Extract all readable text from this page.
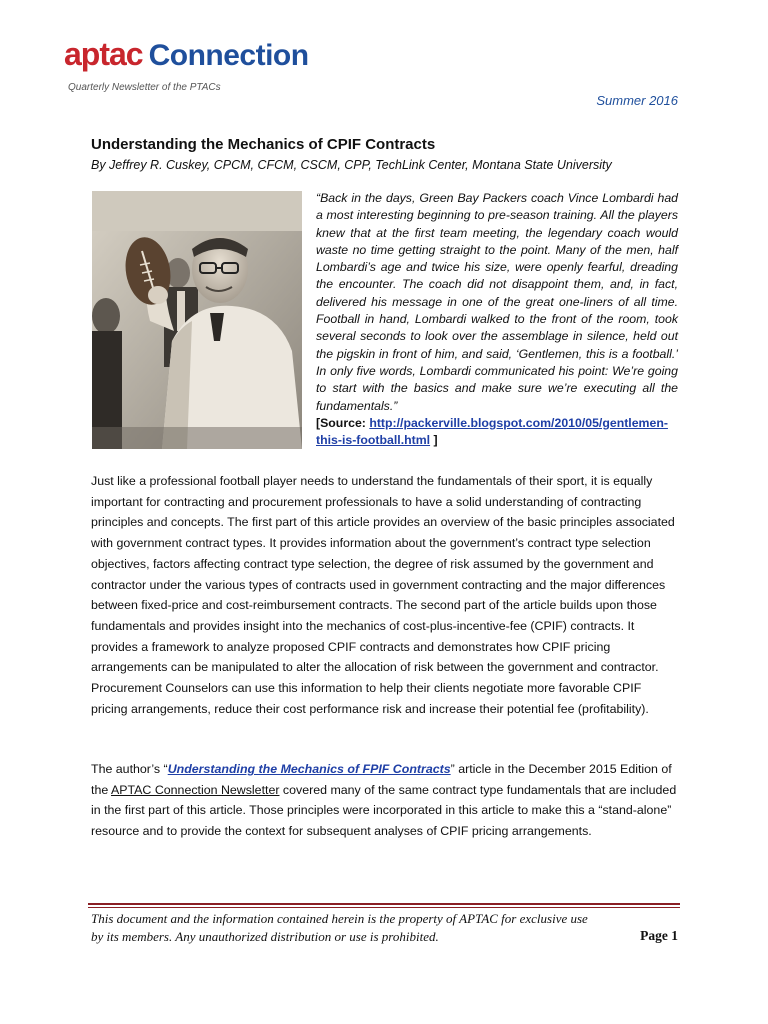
aptac Connection
Quarterly Newsletter of the PTACs
Summer 2016
Understanding the Mechanics of CPIF Contracts
By Jeffrey R. Cuskey, CPCM, CFCM, CSCM, CPP, TechLink Center, Montana State University
“Back in the days, Green Bay Packers coach Vince Lombardi had a most interesting beginning to pre-season training. All the players knew that at the first team meeting, the legendary coach would waste no time getting straight to the point. Many of the men, half Lombardi’s age and twice his size, were openly fearful, dreading the encounter. The coach did not disappoint them, and, in fact, delivered his message in one of the great one-liners of all time. Football in hand, Lombardi walked to the front of the room, took several seconds to look over the assemblage in silence, held out the pigskin in front of him, and said, ‘Gentlemen, this is a football.’ In only five words, Lombardi communicated his point: We’re going to start with the basics and make sure we’re executing all the fundamentals.”
[Source: http://packerville.blogspot.com/2010/05/gentlemen-this-is-football.html ]
Just like a professional football player needs to understand the fundamentals of their sport, it is equally important for contracting and procurement professionals to have a solid understanding of contracting principles and concepts. The first part of this article provides an overview of the basic principles associated with government contract types. It provides information about the government’s contract type selection objectives, factors affecting contract type selection, the degree of risk assumed by the government and contractor under the various types of contracts used in government contracting and the major differences between fixed-price and cost-reimbursement contracts. The second part of the article builds upon those fundamentals and provides insight into the mechanics of cost-plus-incentive-fee (CPIF) contracts. It provides a framework to analyze proposed CPIF contracts and demonstrates how CPIF pricing arrangements can be manipulated to alter the allocation of risk between the government and contractor. Procurement Counselors can use this information to help their clients negotiate more favorable CPIF pricing arrangements, reduce their cost performance risk and increase their potential fee (profitability).
The author’s “Understanding the Mechanics of FPIF Contracts” article in the December 2015 Edition of the APTAC Connection Newsletter covered many of the same contract type fundamentals that are included in the first part of this article. Those principles were incorporated in this article to make this a “stand-alone” resource and to provide the context for subsequent analyses of CPIF pricing arrangements.
This document and the information contained herein is the property of APTAC for exclusive use by its members. Any unauthorized distribution or use is prohibited.	Page 1
